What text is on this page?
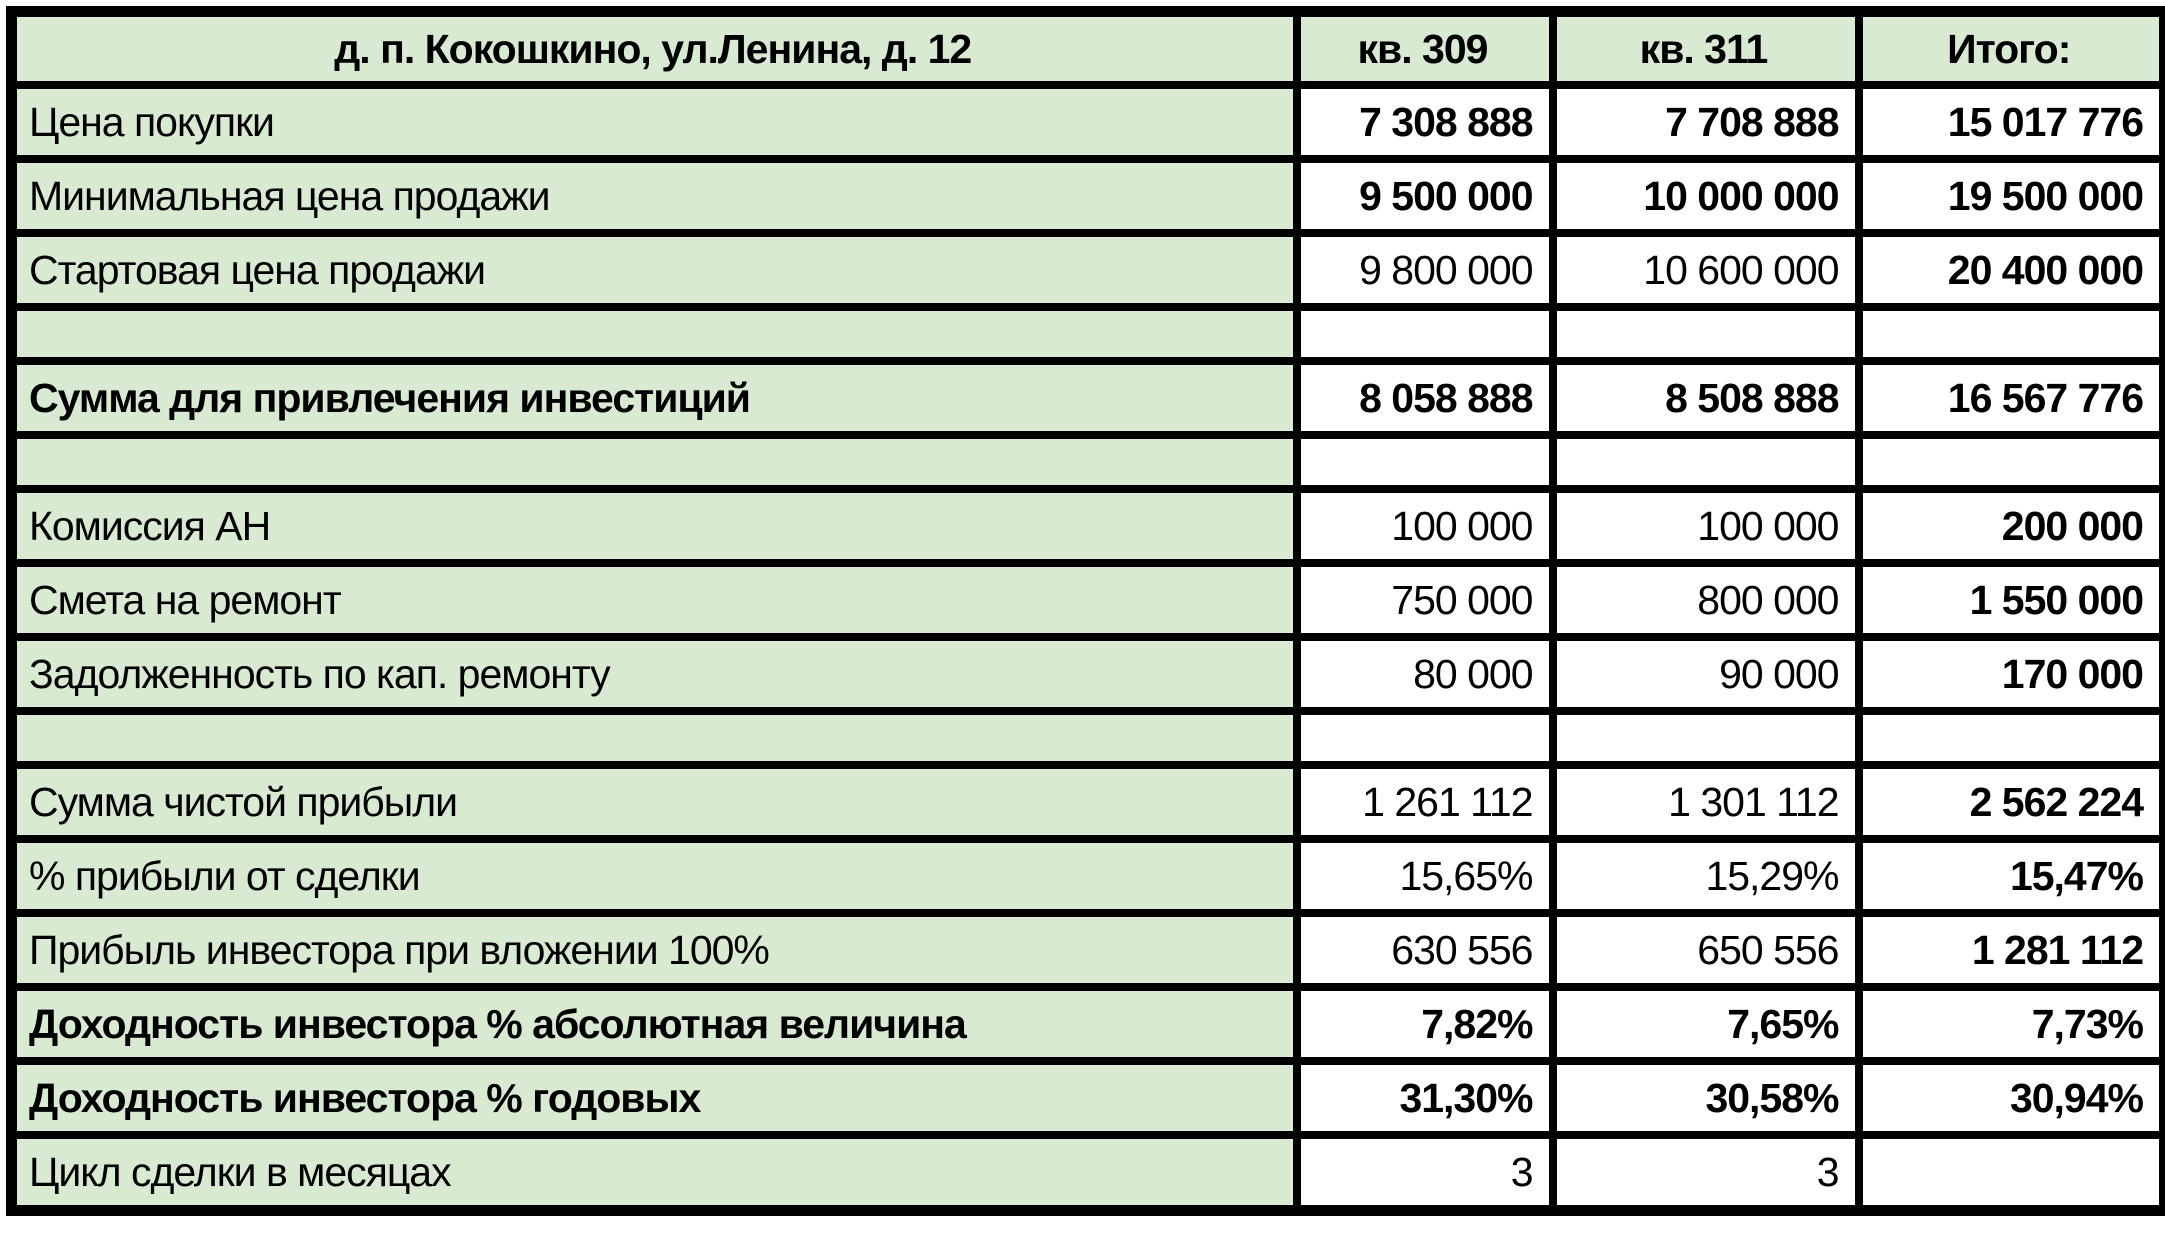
д. п. Кокошкино, ул.Ленина, д. 12	кв. 309	кв. 311	Итого:
Цена покупки	7 308 888	7 708 888	15 017 776
Минимальная цена продажи	9 500 000	10 000 000	19 500 000
Стартовая цена продажи	9 800 000	10 600 000	20 400 000

Сумма для привлечения инвестиций	8 058 888	8 508 888	16 567 776

Комиссия АН	100 000	100 000	200 000
Смета на ремонт	750 000	800 000	1 550 000
Задолженность по кап. ремонту	80 000	90 000	170 000

Сумма чистой прибыли	1 261 112	1 301 112	2 562 224
% прибыли от сделки	15,65%	15,29%	15,47%
Прибыль инвестора при вложении 100%	630 556	650 556	1 281 112
Доходность инвестора % абсолютная величина	7,82%	7,65%	7,73%
Доходность инвестора % годовых	31,30%	30,58%	30,94%
Цикл сделки в месяцах	3	3	
